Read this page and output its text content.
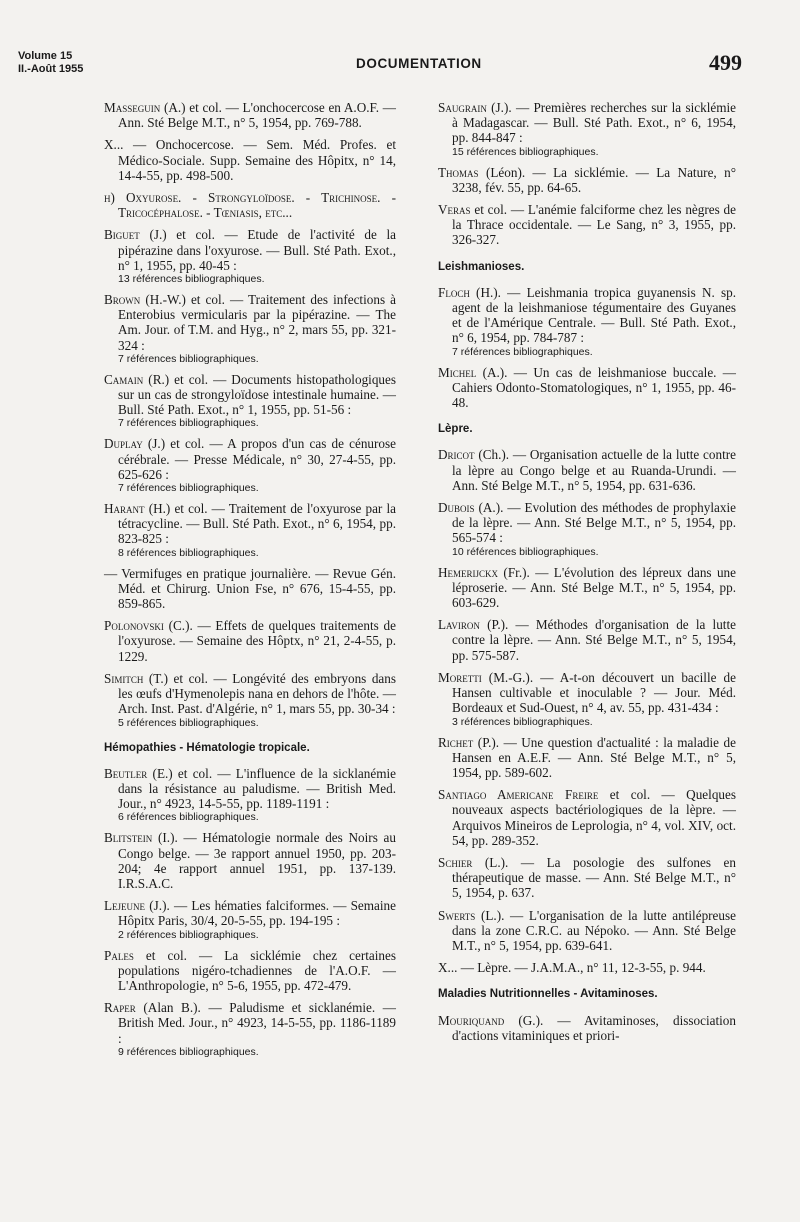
Volume 15
II.-Août 1955	DOCUMENTATION	499
Masseguin (A.) et col. — L'onchocercose en A.O.F. — Ann. Sté Belge M.T., n° 5, 1954, pp. 769-788.
X... — Onchocercose. — Sem. Méd. Profes. et Médico-Sociale. Supp. Semaine des Hôpitx, n° 14, 14-4-55, pp. 498-500.
h) Oxyurose. - Strongyloïdose. - Trichinose. - Tricocéphalose. - Tœniasis, etc...
Biguet (J.) et col. — Etude de l'activité de la pipérazine dans l'oxyurose. — Bull. Sté Path. Exot., n° 1, 1955, pp. 40-45 :
13 références bibliographiques.
Brown (H.-W.) et col. — Traitement des infections à Enterobius vermicularis par la pipérazine. — The Am. Jour. of T.M. and Hyg., n° 2, mars 55, pp. 321-324 :
7 références bibliographiques.
Camain (R.) et col. — Documents histopathologiques sur un cas de strongyloïdose intestinale humaine. — Bull. Sté Path. Exot., n° 1, 1955, pp. 51-56 :
7 références bibliographiques.
Duplay (J.) et col. — A propos d'un cas de cénurose cérébrale. — Presse Médicale, n° 30, 27-4-55, pp. 625-626 :
7 références bibliographiques.
Harant (H.) et col. — Traitement de l'oxyurose par la tétracycline. — Bull. Sté Path. Exot., n° 6, 1954, pp. 823-825 :
8 références bibliographiques.
— Vermifuges en pratique journalière. — Revue Gén. Méd. et Chirurg. Union Fse, n° 676, 15-4-55, pp. 859-865.
Polonovski (C.). — Effets de quelques traitements de l'oxyurose. — Semaine des Hôptx, n° 21, 2-4-55, p. 1229.
Simitch (T.) et col. — Longévité des embryons dans les œufs d'Hymenolepis nana en dehors de l'hôte. — Arch. Inst. Past. d'Algérie, n° 1, mars 55, pp. 30-34 :
5 références bibliographiques.
Hémopathies - Hématologie tropicale.
Beutler (E.) et col. — L'influence de la sicklanémie dans la résistance au paludisme. — British Med. Jour., n° 4923, 14-5-55, pp. 1189-1191 :
6 références bibliographiques.
Blitstein (I.). — Hématologie normale des Noirs au Congo belge. — 3e rapport annuel 1950, pp. 203-204; 4e rapport annuel 1951, pp. 137-139. I.R.S.A.C.
Lejeune (J.). — Les hématies falciformes. — Semaine Hôpitx Paris, 30/4, 20-5-55, pp. 194-195 :
2 références bibliographiques.
Pales et col. — La sicklémie chez certaines populations nigéro-tchadiennes de l'A.O.F. — L'Anthropologie, n° 5-6, 1955, pp. 472-479.
Raper (Alan B.). — Paludisme et sicklanémie. — British Med. Jour., n° 4923, 14-5-55, pp. 1186-1189 :
9 références bibliographiques.
Saugrain (J.). — Premières recherches sur la sicklémie à Madagascar. — Bull. Sté Path. Exot., n° 6, 1954, pp. 844-847 :
15 références bibliographiques.
Thomas (Léon). — La sicklémie. — La Nature, n° 3238, fév. 55, pp. 64-65.
Veras et col. — L'anémie falciforme chez les nègres de la Thrace occidentale. — Le Sang, n° 3, 1955, pp. 326-327.
Leishmanioses.
Floch (H.). — Leishmania tropica guyanensis N. sp. agent de la leishmaniose tégumentaire des Guyanes et de l'Amérique Centrale. — Bull. Sté Path. Exot., n° 6, 1954, pp. 784-787 :
7 références bibliographiques.
Michel (A.). — Un cas de leishmaniose buccale. — Cahiers Odonto-Stomatologiques, n° 1, 1955, pp. 46-48.
Lèpre.
Dricot (Ch.). — Organisation actuelle de la lutte contre la lèpre au Congo belge et au Ruanda-Urundi. — Ann. Sté Belge M.T., n° 5, 1954, pp. 631-636.
Dubois (A.). — Evolution des méthodes de prophylaxie de la lèpre. — Ann. Sté Belge M.T., n° 5, 1954, pp. 565-574 :
10 références bibliographiques.
Hemerijckx (Fr.). — L'évolution des lépreux dans une léproserie. — Ann. Sté Belge M.T., n° 5, 1954, pp. 603-629.
Laviron (P.). — Méthodes d'organisation de la lutte contre la lèpre. — Ann. Sté Belge M.T., n° 5, 1954, pp. 575-587.
Moretti (M.-G.). — A-t-on découvert un bacille de Hansen cultivable et inoculable ? — Jour. Méd. Bordeaux et Sud-Ouest, n° 4, av. 55, pp. 431-434 :
3 références bibliographiques.
Richet (P.). — Une question d'actualité : la maladie de Hansen en A.E.F. — Ann. Sté Belge M.T., n° 5, 1954, pp. 589-602.
Santiago Americane Freire et col. — Quelques nouveaux aspects bactériologiques de la lèpre. — Arquivos Mineiros de Leprologia, n° 4, vol. XIV, oct. 54, pp. 289-352.
Schier (L.). — La posologie des sulfones en thérapeutique de masse. — Ann. Sté Belge M.T., n° 5, 1954, p. 637.
Swerts (L.). — L'organisation de la lutte antilépreuse dans la zone C.R.C. au Népoko. — Ann. Sté Belge M.T., n° 5, 1954, pp. 639-641.
X... — Lèpre. — J.A.M.A., n° 11, 12-3-55, p. 944.
Maladies Nutritionnelles - Avitaminoses.
Mouriquand (G.). — Avitaminoses, dissociation d'actions vitaminiques et priori-
